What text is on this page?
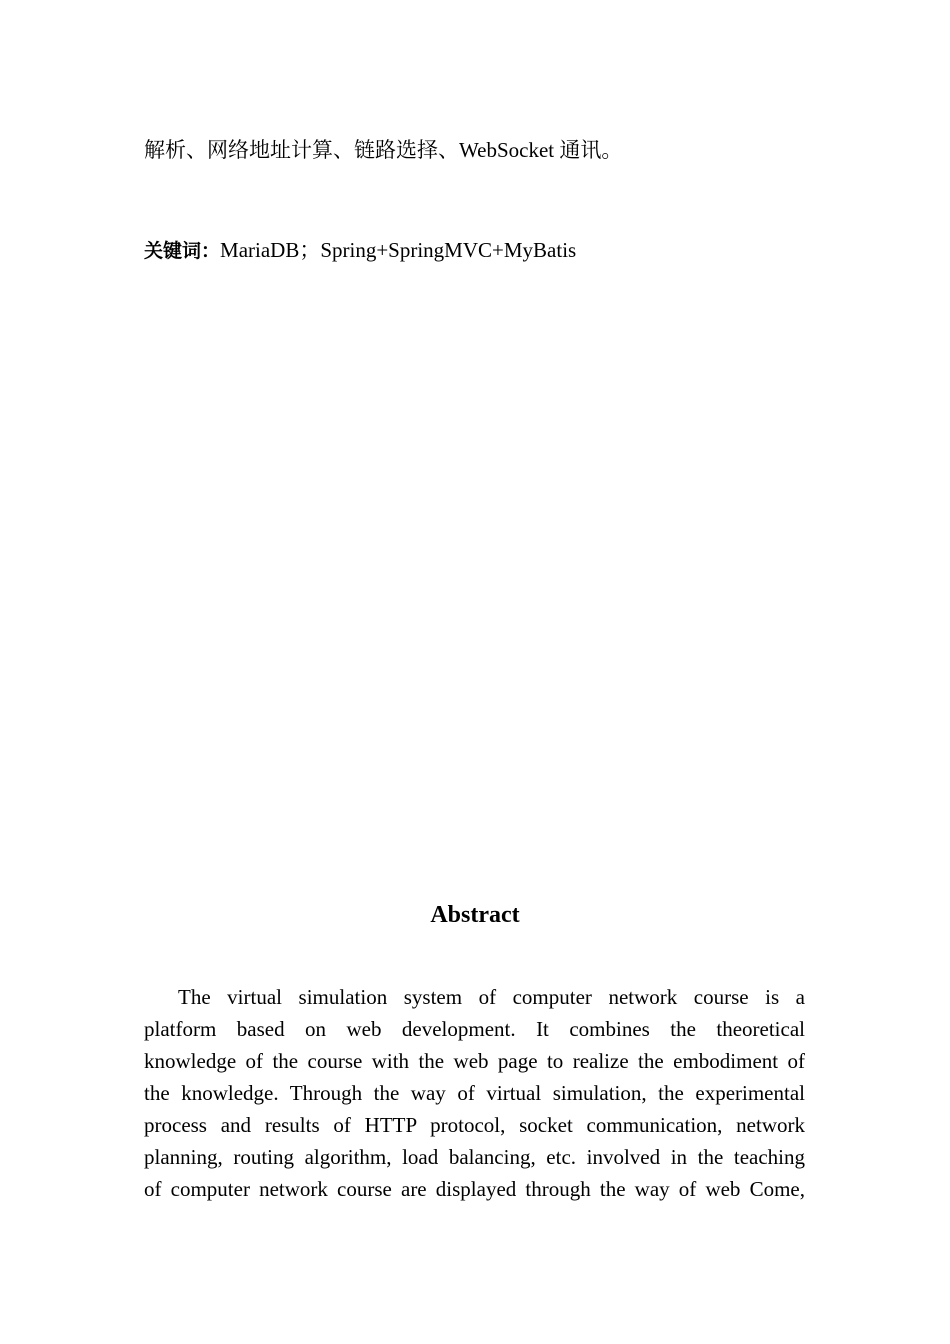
解析、网络地址计算、链路选择、WebSocket 通讯。
关键词：MariaDB；Spring+SpringMVC+MyBatis
Abstract
The virtual simulation system of computer network course is a
platform based on web development. It combines the theoretical
knowledge of the course with the web page to realize the embodiment of
the knowledge. Through the way of virtual simulation, the experimental
process and results of HTTP protocol, socket communication, network
planning, routing algorithm, load balancing, etc. involved in the teaching
of computer network course are displayed through the way of web Come,
